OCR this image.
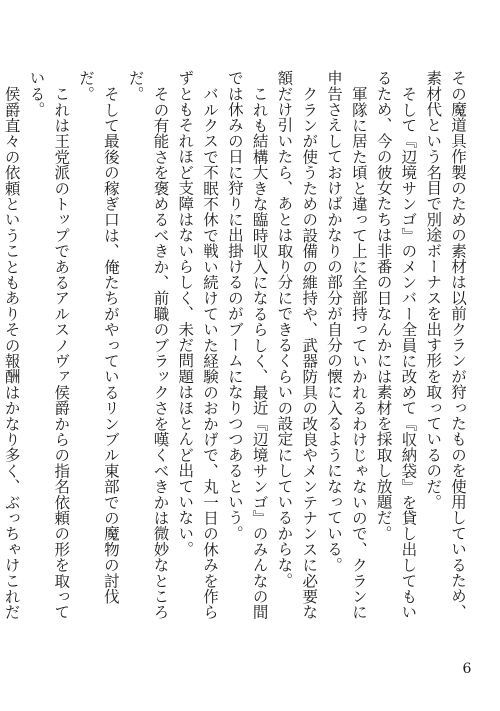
その魔道具作製のための素材は以前クランが狩ったものを使用しているため、素材代という名目で別途ボーナスを出す形を取っているのだ。

そして『辺境サンゴ』のメンバー全員に改めて『収納袋』を貸し出してもいるため、今の彼女たちは非番の日なんかには素材を採取し放題だ。

軍隊に居た頃と違って上に全部持っていかれるわけじゃないので、クランに申告さえしておけばかなりの部分が自分の懐に入るようになっている。

クランが使うための設備の維持や、武器防具の改良やメンテナンスに必要な額だけ引いたら、あとは取り分にできるくらいの設定にしているからな。

これも結構大きな臨時収入になるらしく、最近『辺境サンゴ』のみんなの間では休みの日に狩りに出掛けるのがブームになりつつあるという。

バルクスで不眠不休で戦い続けていた経験のおかげで、丸一日の休みを作らずともそれほど支障はないらしく、未だ問題はほとんど出ていない。

その有能さを褒めるべきか、前職のブラックさを嘆くべきかは微妙なところだ。

そして最後の稼ぎ口は、俺たちがやっているリンブル東部での魔物の討伐だ。

これは王党派のトップであるアルスノヴァ侯爵からの指名依頼の形を取っている。

侯爵直々の依頼ということもありその報酬はかなり多く、ぶっちゃけこれだ

6
